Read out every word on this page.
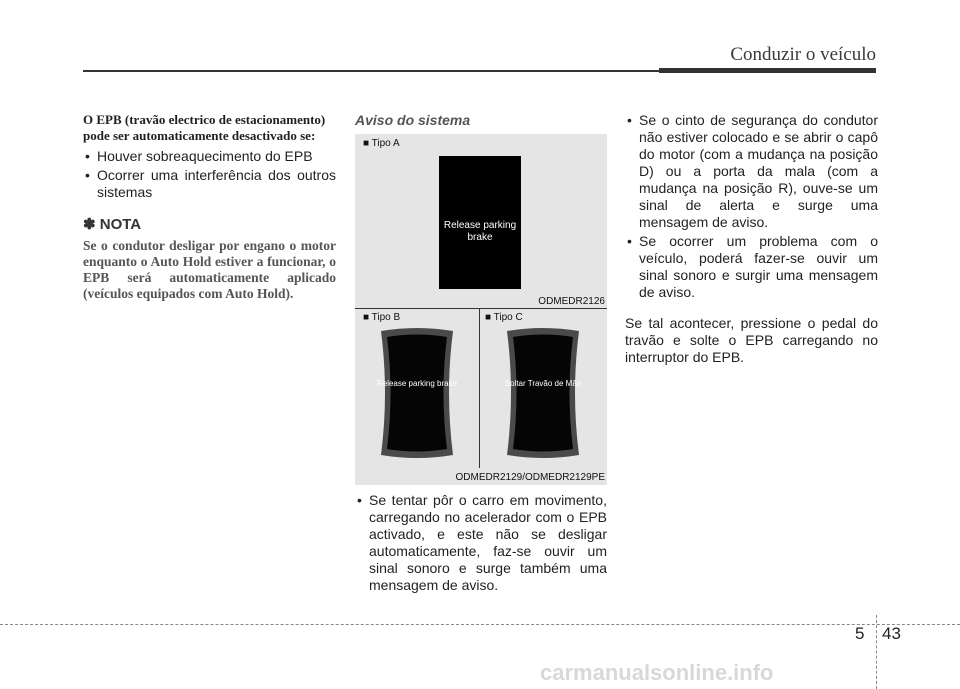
Conduzir o veículo
O EPB (travão electrico de estacionamento) pode ser automaticamente desactivado se:
• Houver sobreaquecimento do EPB
• Ocorrer uma interferência dos outros sistemas
✽ NOTA
Se o condutor desligar por engano o motor enquanto o Auto Hold estiver a funcionar, o EPB será automaticamente aplicado (veículos equipados com Auto Hold).
Aviso do sistema
■ Tipo A
Release parking brake
ODMEDR2126
■ Tipo B	■ Tipo C
Release parking brake	Soltar Travão de Mão
ODMEDR2129/ODMEDR2129PE
• Se tentar pôr o carro em movimento, carregando no acelerador com o EPB activado, e este não se desligar automaticamente, faz-se ouvir um sinal sonoro e surge também uma mensagem de aviso.
• Se o cinto de segurança do condutor não estiver colocado e se abrir o capô do motor (com a mudança na posição D) ou a porta da mala (com a mudança na posição R), ouve-se um sinal de alerta e surge uma mensagem de aviso.
• Se ocorrer um problema com o veículo, poderá fazer-se ouvir um sinal sonoro e surgir uma mensagem de aviso.
Se tal acontecer, pressione o pedal do travão e solte o EPB carregando no interruptor do EPB.
5 43
carmanualsonline.info
